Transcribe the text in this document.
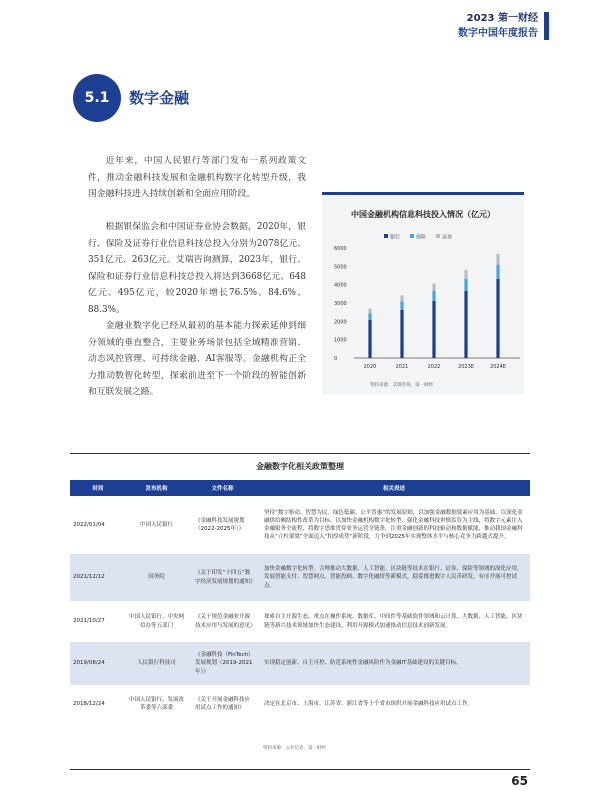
2023 第一财经
数字中国年度报告
5.1	数字金融

近年来，中国人民银行等部门发布一系列政策文件，推动金融科技发展和金融机构数字化转型升级，我国金融科技进入持续创新和全面应用阶段。

根据银保监会和中国证券业协会数据，2020年，银行、保险及证券行业信息科技总投入分别为2078亿元、351亿元、263亿元。艾瑞咨询测算，2023年，银行、保险和证券行业信息科技总投入将达到3668亿元、648亿元、495亿元，较2020年增长76.5%、84.6%、88.3%。

金融业数字化已经从最初的基本能力探索延伸到细分领域的垂直整合，主要业务场景包括全域精准营销、动态风控管理、可持续金融、AI客服等。金融机构正全力推动数智化转型，探索前进至下一个阶段的智能创新和互联发展之路。

中国金融机构信息科技投入情况（亿元）
银行	保险	证券
0
1000
2000
3000
4000
5000
6000
2020	2021	2022	2023E	2024E
资料来源：艾瑞咨询，第一财经
金融数字化相关政策整理
时间	发布机构	文件名称	相关表述
2022/01/04	中国人民银行	《金融科技发展规划（2022-2025年）》	坚持“数字驱动、智慧为民、绿色低碳、公平普惠”的发展原则，以加强金融数据要素应用为基础，以深化金融供给侧结构性改革为目标，以加快金融机构数字化转型、强化金融科技审慎监管为主线，将数字元素注入金融服务全流程，将数字思维贯穿业务运营全链条，注重金融创新的科技驱动和数据赋能，推动我国金融科技从“立柱架梁”全面迈入“积厚成势”新阶段，力争到2025年实现整体水平与核心竞争力跨越式提升。
2021/12/12	国务院	《关于印发“十四五”数字经济发展规划的通知》	加快金融数字化转型。合理推动大数据、人工智能、区块链等技术在银行、证券、保险等领域的深化应用，发展智能支付、智慧网点、智能投顾、数字化融资等新模式，稳妥推进数字人民币研发，有序开展可控试点。
2021/10/27	中国人民银行、中央网信办等五部门	《关于规范金融业开源技术应用与发展的意见》	探索自主开源生态，重点在操作系统、数据库、中间件等基础软件领域和云计算、大数据、人工智能、区块链等新兴技术领域加快生态建设，利用开源模式加速推动信息技术创新发展。
2019/08/24	人民银行科技司	《金融科技（FinTech）发展规划（2019-2021年）》	实现稳定创新、自主可控、防范系统性金融风险作为金融IT基础建设的关键目标。
2018/12/24	中国人民银行、发展改革委等六部委	《关于开展金融科技应用试点工作的通知》	决定在北京市、上海市、江苏省、浙江省等十个省市组织开展金融科技应用试点工作。
资料来源：公开信息，第一财经
65
